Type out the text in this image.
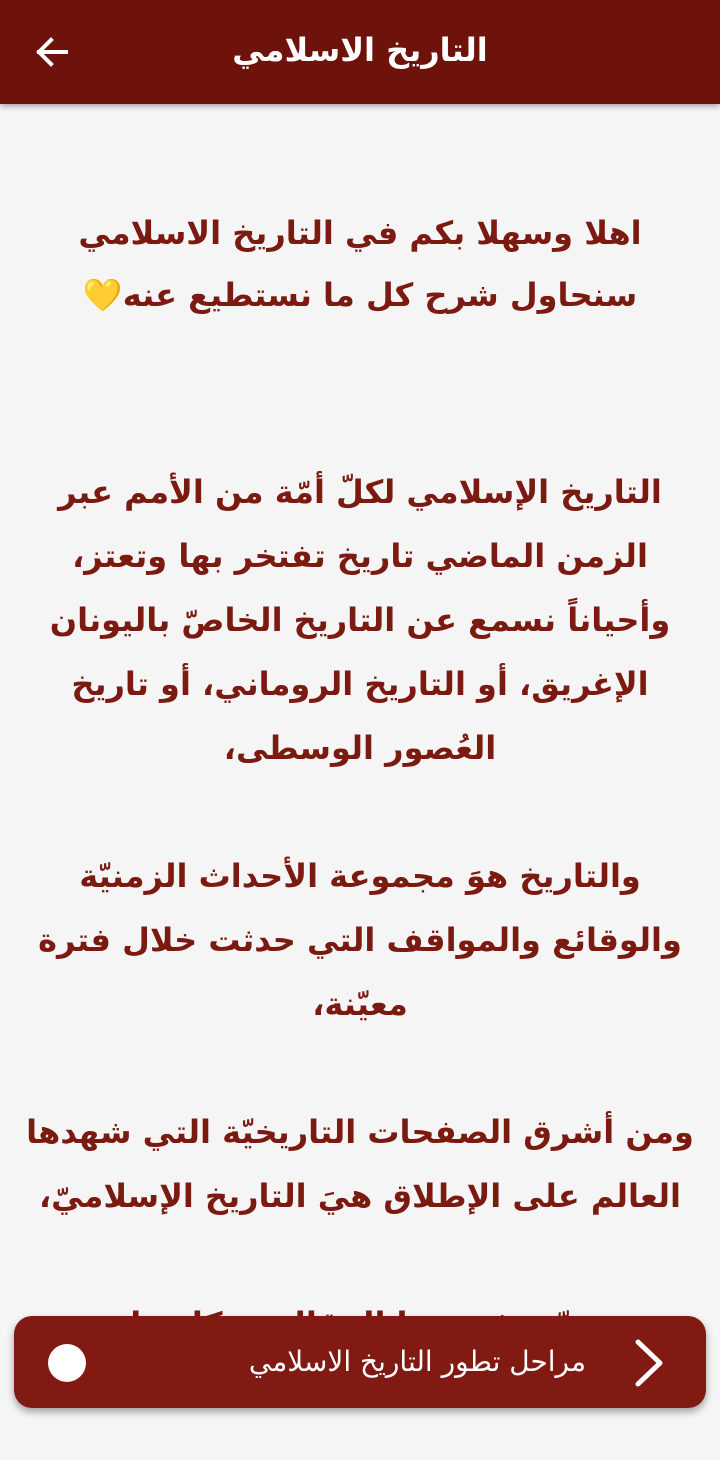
التاريخ الاسلامي
اهلا وسهلا بكم في التاريخ الاسلامي سنحاول شرح كل ما نستطيع عنه💛

التاريخ الإسلامي لكلّ أمّة من الأمم عبر الزمن الماضي تاريخ تفتخر بها وتعتز، وأحياناً نسمع عن التاريخ الخاصّ باليونان الإغريق، أو التاريخ الروماني، أو تاريخ العُصور الوسطى،

والتاريخ هوَ مجموعة الأحداث الزمنيّة والوقائع والمواقف التي حدثت خلال فترة معيّنة،

ومن أشرق الصفحات التاريخيّة التي شهدها العالم على الإطلاق هيَ التاريخ الإسلاميّ،

مراحل تطور التاريخ الاسلامي
